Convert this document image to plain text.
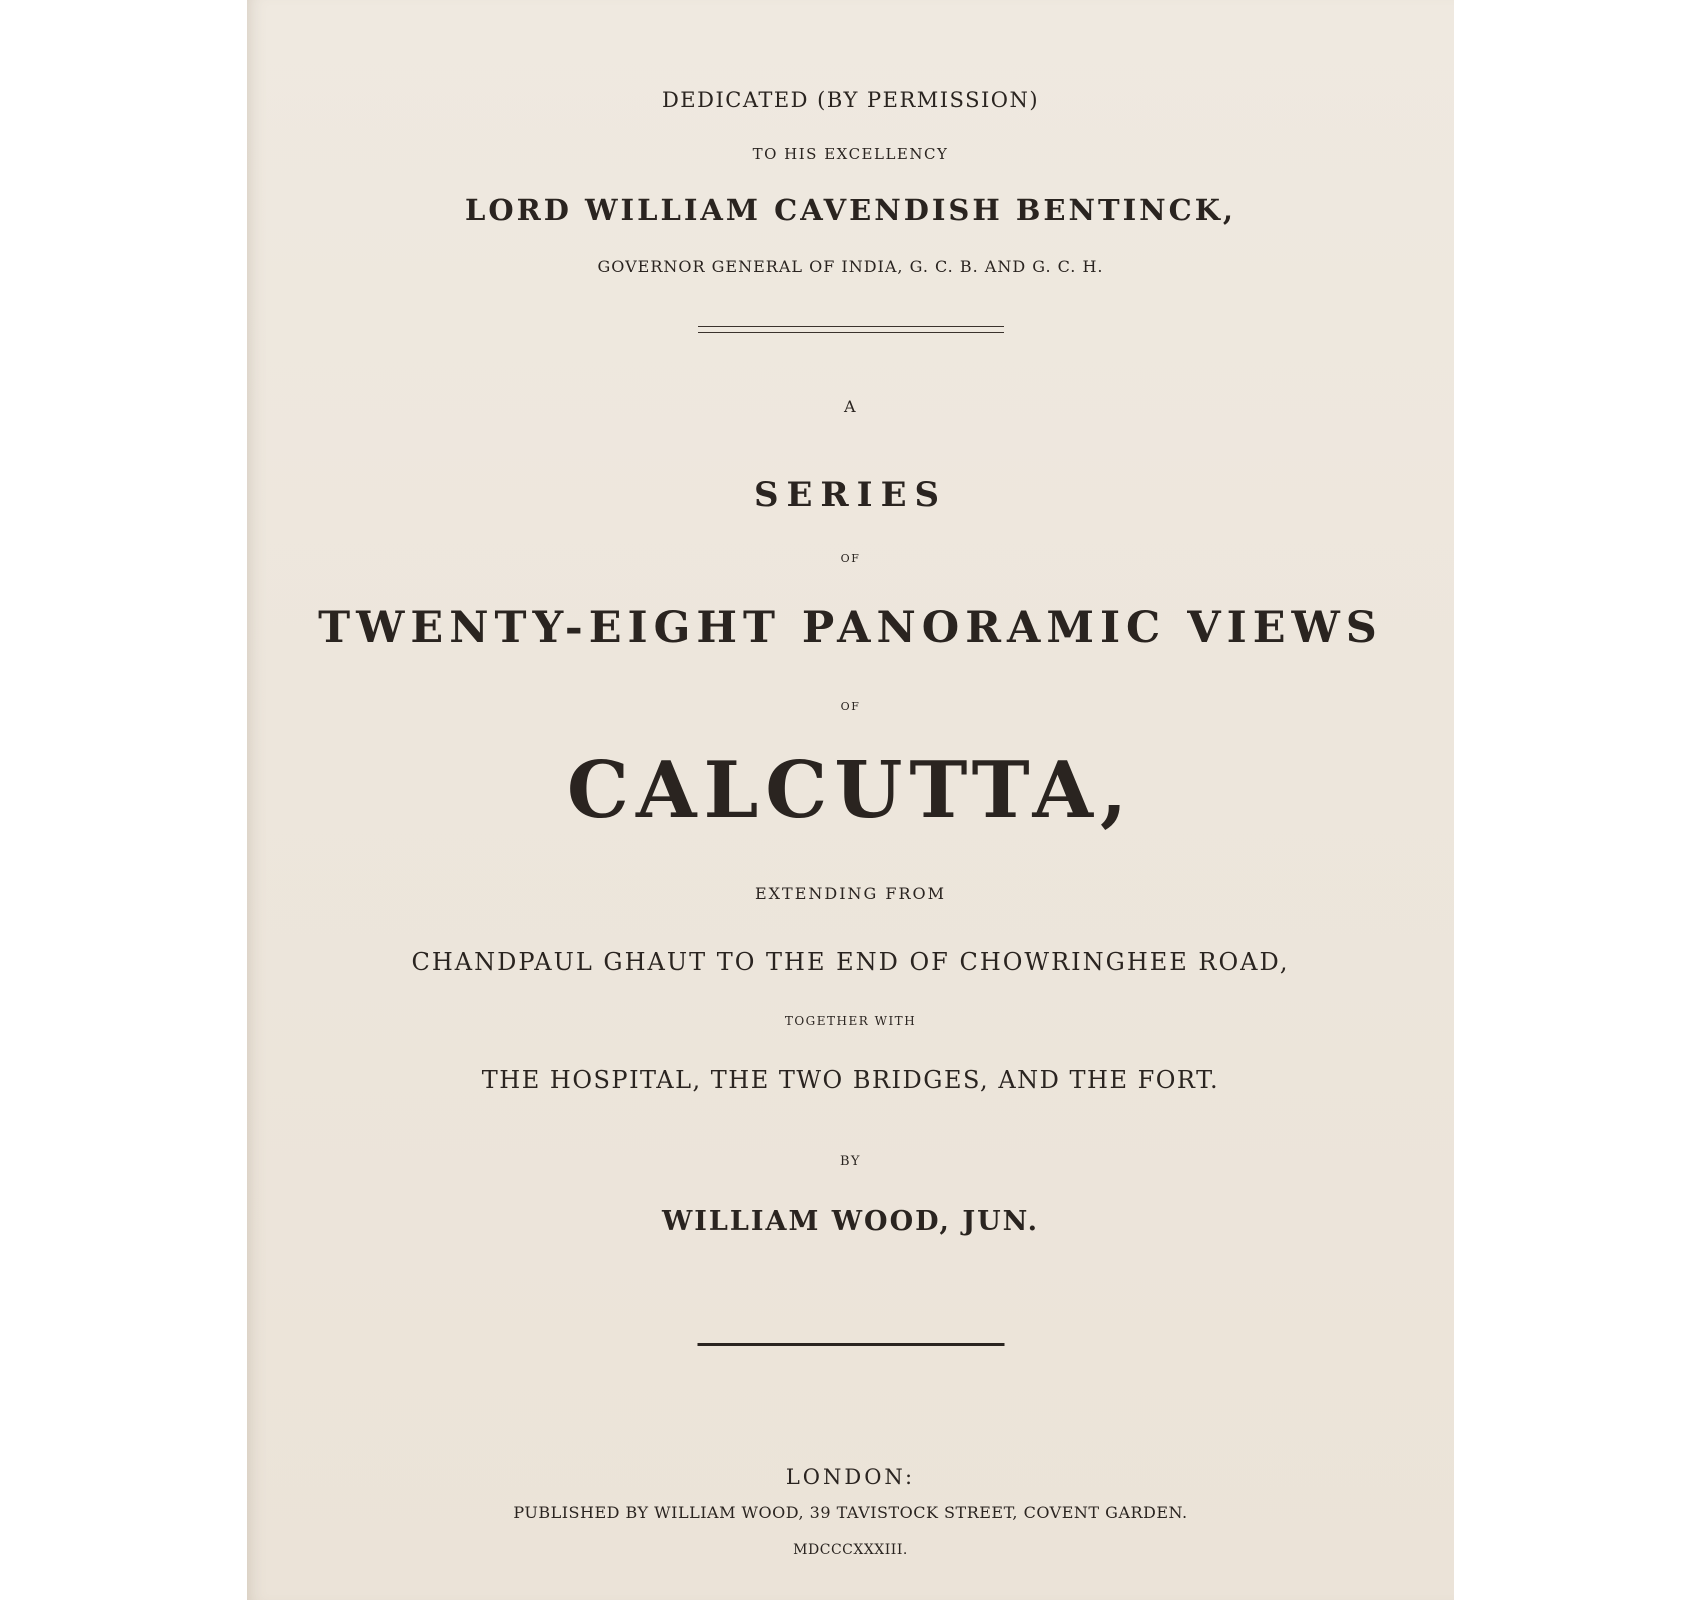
DEDICATED (BY PERMISSION)
TO HIS EXCELLENCY
LORD WILLIAM CAVENDISH BENTINCK,
GOVERNOR GENERAL OF INDIA, G. C. B. AND G. C. H.
A
SERIES
OF
TWENTY-EIGHT PANORAMIC VIEWS
OF
CALCUTTA,
EXTENDING FROM
CHANDPAUL GHAUT TO THE END OF CHOWRINGHEE ROAD,
TOGETHER WITH
THE HOSPITAL, THE TWO BRIDGES, AND THE FORT.
BY
WILLIAM WOOD, JUN.
LONDON:
PUBLISHED BY WILLIAM WOOD, 39 TAVISTOCK STREET, COVENT GARDEN.
MDCCCXXXIII.
